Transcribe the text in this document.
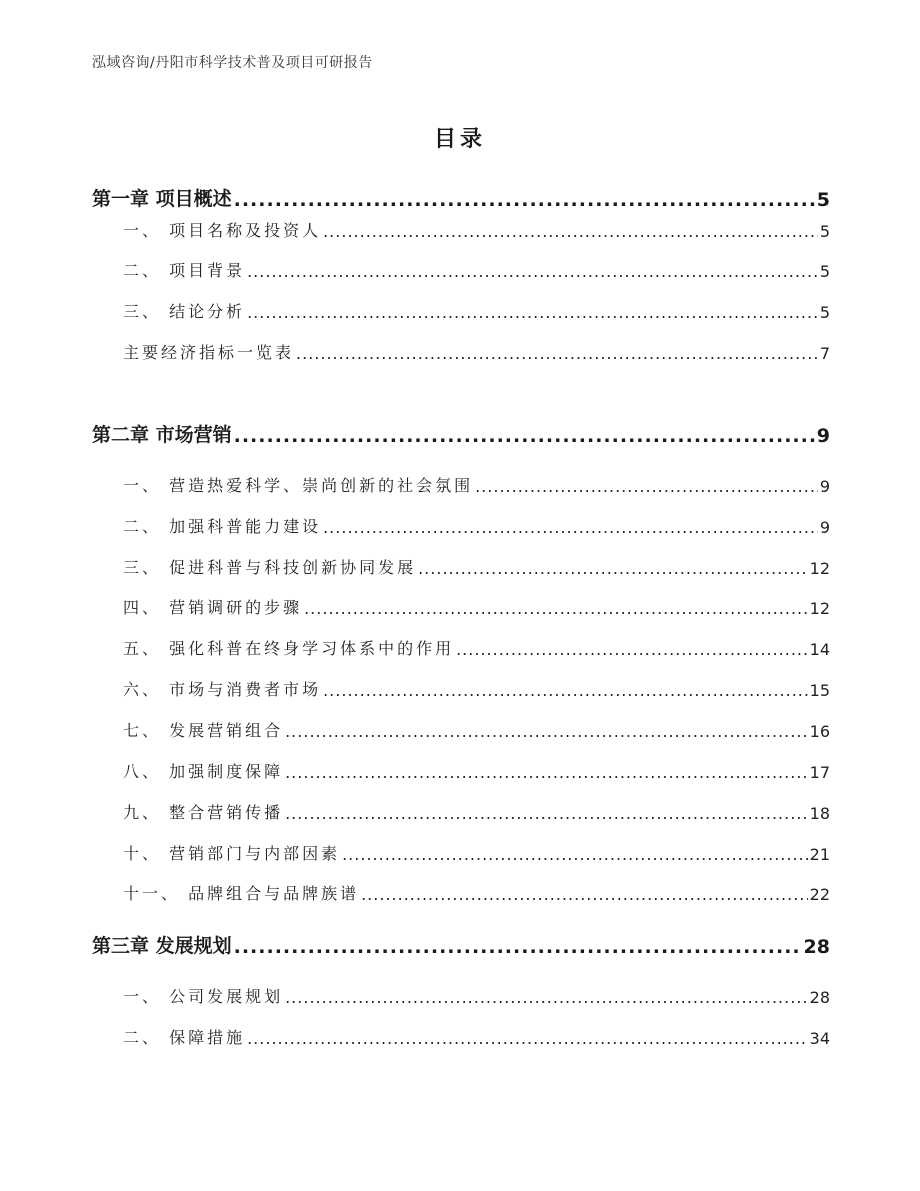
泓域咨询/丹阳市科学技术普及项目可研报告
目录
第一章 项目概述 .....	5
一、 项目名称及投资人 .....	5
二、 项目背景 .....	5
三、 结论分析 .....	5
主要经济指标一览表 .....	7
第二章 市场营销 .....	9
一、 营造热爱科学、崇尚创新的社会氛围 .....	9
二、 加强科普能力建设 .....	9
三、 促进科普与科技创新协同发展 .....	12
四、 营销调研的步骤 .....	12
五、 强化科普在终身学习体系中的作用 .....	14
六、 市场与消费者市场 .....	15
七、 发展营销组合 .....	16
八、 加强制度保障 .....	17
九、 整合营销传播 .....	18
十、 营销部门与内部因素 .....	21
十一、 品牌组合与品牌族谱 .....	22
第三章 发展规划 .....	28
一、 公司发展规划 .....	28
二、 保障措施 .....	34
